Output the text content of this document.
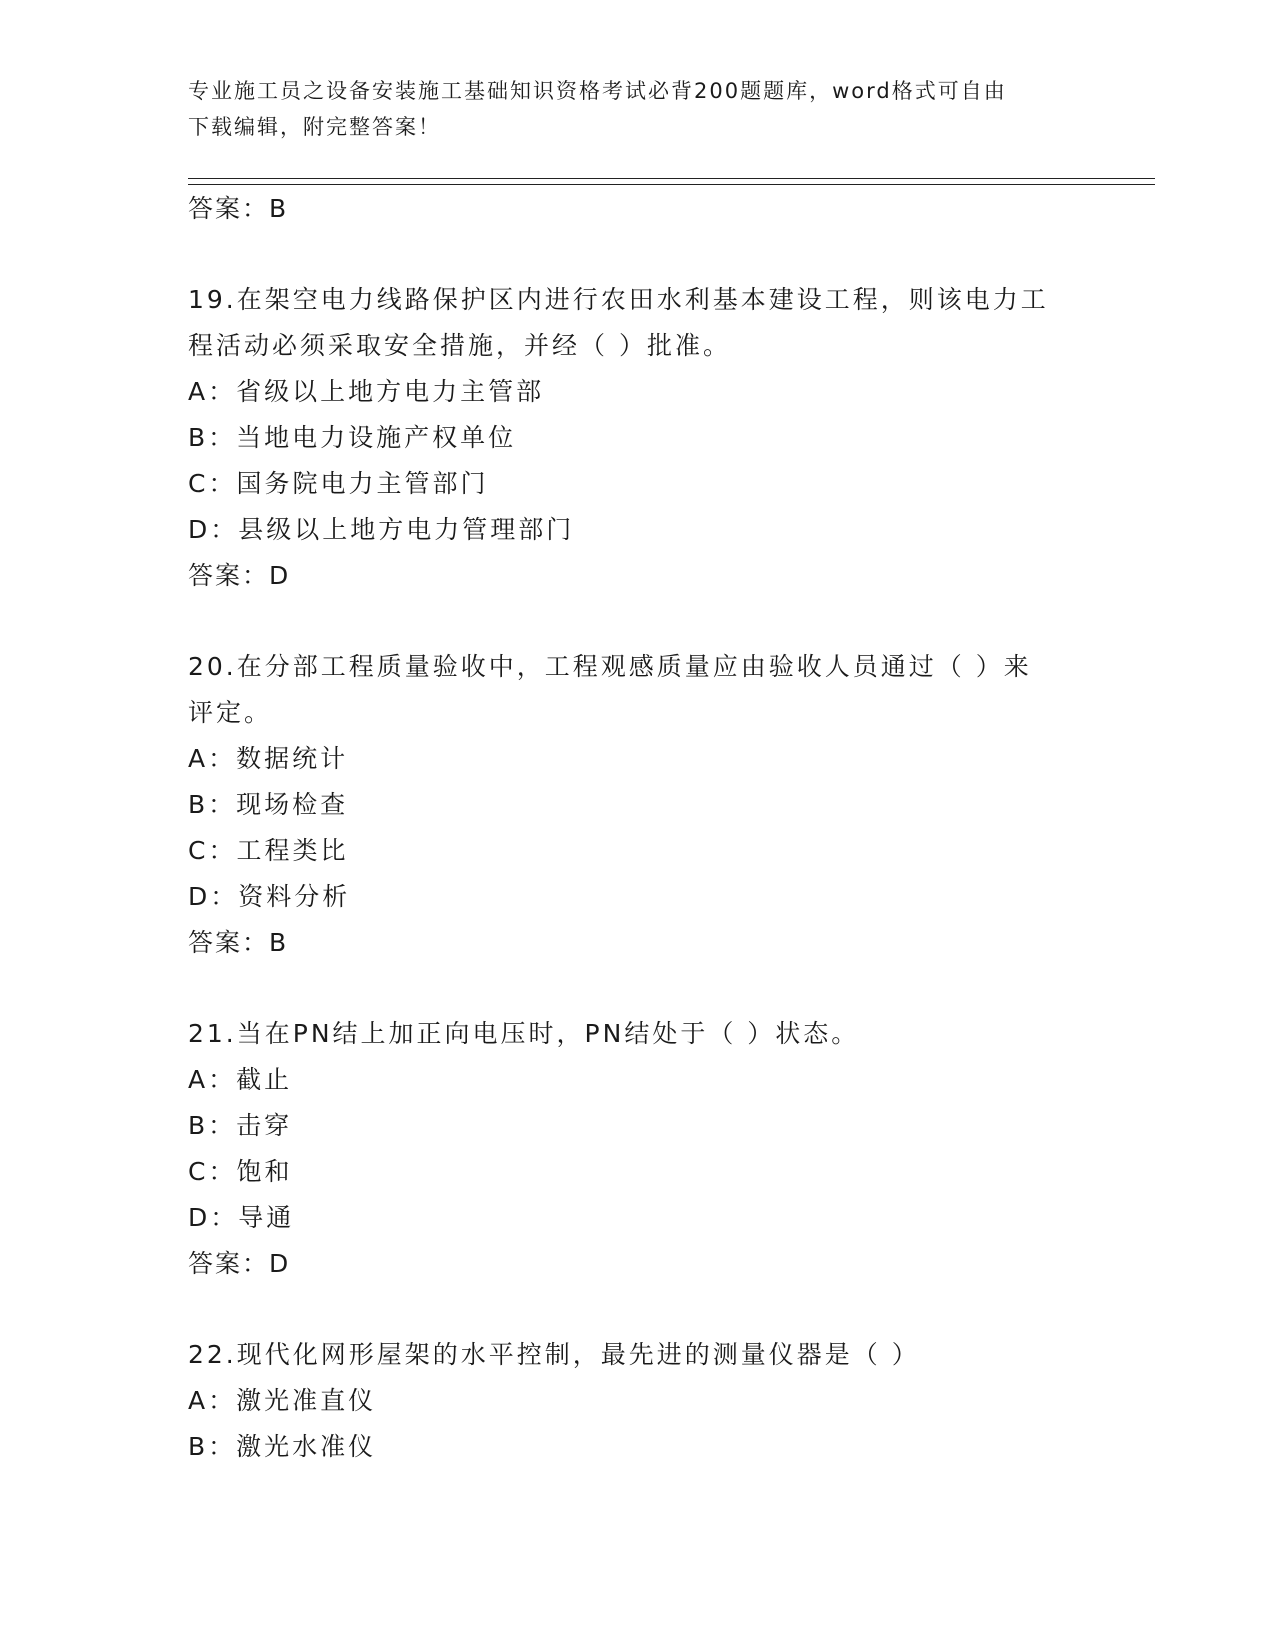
专业施工员之设备安装施工基础知识资格考试必背200题题库，word格式可自由
下载编辑，附完整答案！
答案：B
19.在架空电力线路保护区内进行农田水利基本建设工程，则该电力工
程活动必须采取安全措施，并经（ ）批准。
A：省级以上地方电力主管部
B：当地电力设施产权单位
C：国务院电力主管部门
D：县级以上地方电力管理部门
答案：D
20.在分部工程质量验收中，工程观感质量应由验收人员通过（ ）来
评定。
A：数据统计
B：现场检查
C：工程类比
D：资料分析
答案：B
21.当在PN结上加正向电压时，PN结处于（ ）状态。
A：截止
B：击穿
C：饱和
D：导通
答案：D
22.现代化网形屋架的水平控制，最先进的测量仪器是（ ）
A：激光准直仪
B：激光水准仪
